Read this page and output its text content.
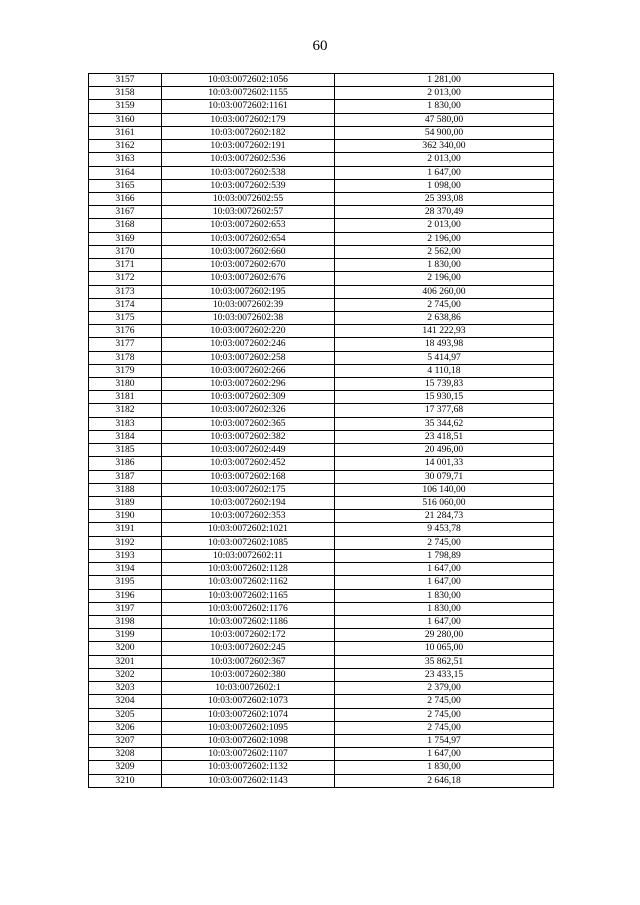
60
3157	10:03:0072602:1056	1 281,00
3158	10:03:0072602:1155	2 013,00
3159	10:03:0072602:1161	1 830,00
3160	10:03:0072602:179	47 580,00
3161	10:03:0072602:182	54 900,00
3162	10:03:0072602:191	362 340,00
3163	10:03:0072602:536	2 013,00
3164	10:03:0072602:538	1 647,00
3165	10:03:0072602:539	1 098,00
3166	10:03:0072602:55	25 393,08
3167	10:03:0072602:57	28 370,49
3168	10:03:0072602:653	2 013,00
3169	10:03:0072602:654	2 196,00
3170	10:03:0072602:660	2 562,00
3171	10:03:0072602:670	1 830,00
3172	10:03:0072602:676	2 196,00
3173	10:03:0072602:195	406 260,00
3174	10:03:0072602:39	2 745,00
3175	10:03:0072602:38	2 638,86
3176	10:03:0072602:220	141 222,93
3177	10:03:0072602:246	18 493,98
3178	10:03:0072602:258	5 414,97
3179	10:03:0072602:266	4 110,18
3180	10:03:0072602:296	15 739,83
3181	10:03:0072602:309	15 930,15
3182	10:03:0072602:326	17 377,68
3183	10:03:0072602:365	35 344,62
3184	10:03:0072602:382	23 418,51
3185	10:03:0072602:449	20 496,00
3186	10:03:0072602:452	14 001,33
3187	10:03:0072602:168	30 079,71
3188	10:03:0072602:175	106 140,00
3189	10:03:0072602:194	516 060,00
3190	10:03:0072602:353	21 284,73
3191	10:03:0072602:1021	9 453,78
3192	10:03:0072602:1085	2 745,00
3193	10:03:0072602:11	1 798,89
3194	10:03:0072602:1128	1 647,00
3195	10:03:0072602:1162	1 647,00
3196	10:03:0072602:1165	1 830,00
3197	10:03:0072602:1176	1 830,00
3198	10:03:0072602:1186	1 647,00
3199	10:03:0072602:172	29 280,00
3200	10:03:0072602:245	10 065,00
3201	10:03:0072602:367	35 862,51
3202	10:03:0072602:380	23 433,15
3203	10:03:0072602:1	2 379,00
3204	10:03:0072602:1073	2 745,00
3205	10:03:0072602:1074	2 745,00
3206	10:03:0072602:1095	2 745,00
3207	10:03:0072602:1098	1 754,97
3208	10:03:0072602:1107	1 647,00
3209	10:03:0072602:1132	1 830,00
3210	10:03:0072602:1143	2 646,18
